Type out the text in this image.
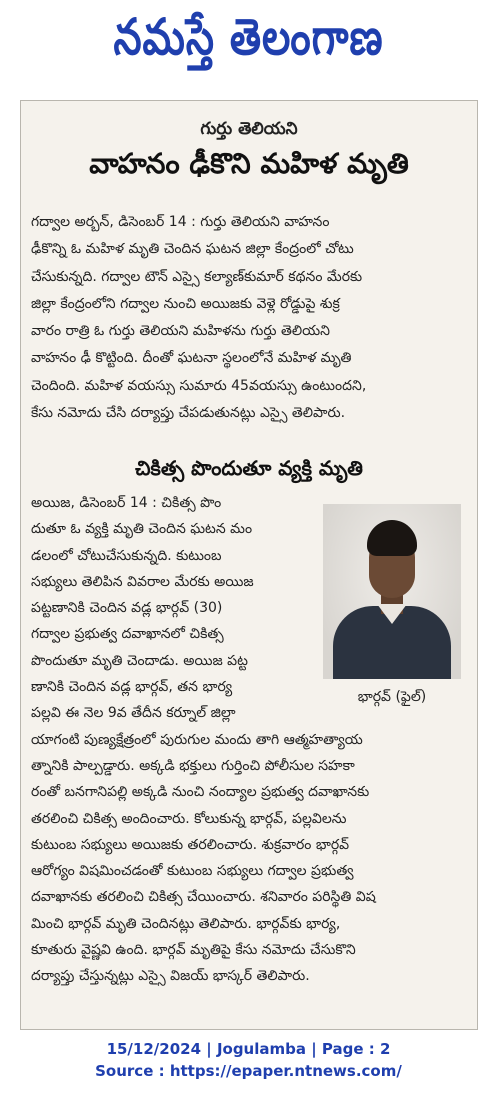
నమస్తే తెలంగాణ
గుర్తు తెలియని
వాహనం ఢీకొని మహిళ మృతి
గద్వాల అర్బన్, డిసెంబర్ 14 : గుర్తు తెలియని వాహనం
ఢీకొన్ని ఓ మహిళ మృతి చెందిన ఘటన జిల్లా కేంద్రంలో చోటు
చేసుకున్నది. గద్వాల టౌన్ ఎస్సై కల్యాణ్‌కుమార్ కథనం మేరకు
జిల్లా కేంద్రంలోని గద్వాల నుంచి అయిజకు వెళ్లె రోడ్డుపై శుక్ర
వారం రాత్రి ఓ గుర్తు తెలియని మహిళను గుర్తు తెలియని
వాహనం ఢీ కొట్టింది. దీంతో ఘటనా స్థలంలోనే మహిళ మృతి
చెందింది. మహిళ వయస్సు సుమారు 45వయస్సు ఉంటుందని,
కేసు నమోదు చేసి దర్యాప్తు చేపడుతునట్లు ఎస్సై తెలిపారు.
చికిత్స పొందుతూ వ్యక్తి మృతి
భార్గవ్ (ఫైల్)
అయిజ, డిసెంబర్ 14 : చికిత్స పొం
దుతూ ఓ వ్యక్తి మృతి చెందిన ఘటన మం
డలంలో చోటుచేసుకున్నది. కుటుంబ
సభ్యులు తెలిపిన వివరాల మేరకు అయిజ
పట్టణానికి చెందిన వడ్ల భార్గవ్ (30)
గద్వాల ప్రభుత్వ దవాఖానలో చికిత్స
పొందుతూ మృతి చెందాడు. అయిజ పట్ట
ణానికి చెందిన వడ్ల భార్గవ్, తన భార్య
పల్లవి ఈ నెల 9వ తేదీన కర్నూల్ జిల్లా
యాగంటి పుణ్యక్షేత్రంలో పురుగుల మందు తాగి ఆత్మహత్యాయ
త్నానికి పాల్పడ్డారు. అక్కడి భక్తులు గుర్తించి పోలీసుల సహకా
రంతో బనగానిపల్లి అక్కడి నుంచి నంద్యాల ప్రభుత్వ దవాఖానకు
తరలించి చికిత్స అందించారు. కోలుకున్న భార్గవ్, పల్లవిలను
కుటుంబ సభ్యులు అయిజకు తరలించారు. శుక్రవారం భార్గవ్
ఆరోగ్యం విషమించడంతో కుటుంబ సభ్యులు గద్వాల ప్రభుత్వ
దవాఖానకు తరలించి చికిత్స చేయించారు. శనివారం పరిస్థితి విష
మించి భార్గవ్ మృతి చెందినట్లు తెలిపారు. భార్గవ్‌కు భార్య,
కూతురు వైష్ణవి ఉంది. భార్గవ్ మృతిపై కేసు నమోదు చేసుకొని
దర్యాప్తు చేస్తున్నట్లు ఎస్సై విజయ్ భాస్కర్ తెలిపారు.
15/12/2024 | Jogulamba | Page : 2
Source : https://epaper.ntnews.com/
